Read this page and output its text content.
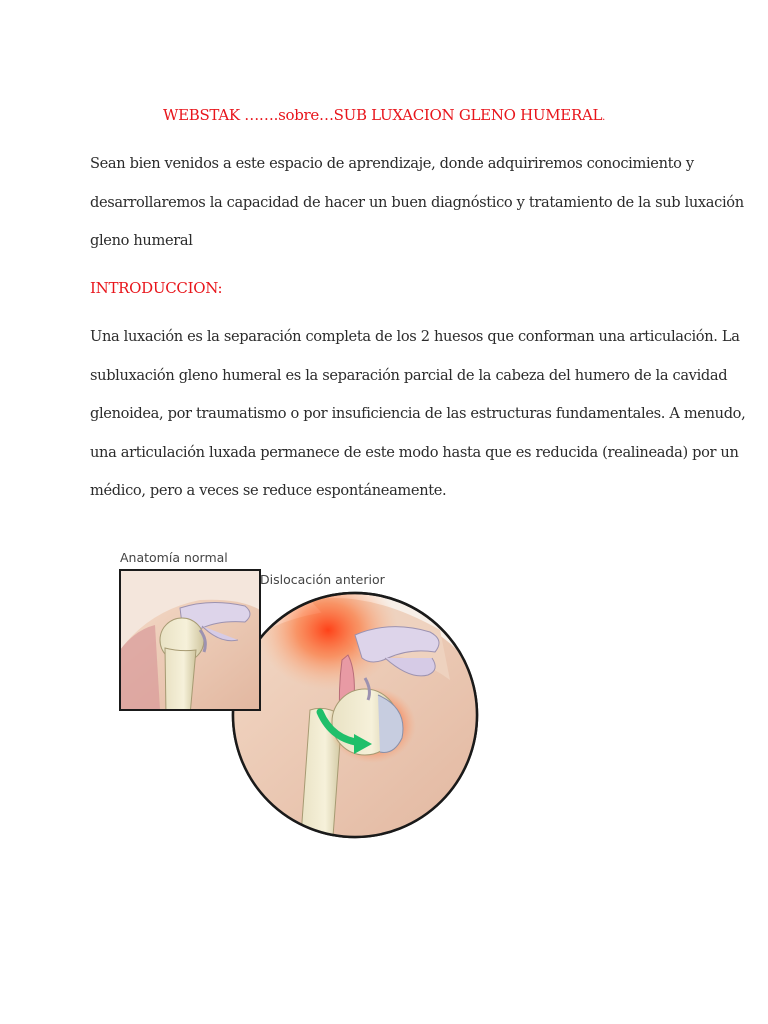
WEBSTAK …….sobre…SUB LUXACION GLENO HUMERAL.
Sean bien venidos a este espacio de aprendizaje, donde adquiriremos conocimiento y
desarrollaremos la capacidad de hacer un buen diagnóstico y tratamiento de la sub luxación
gleno humeral
INTRODUCCION:
Una luxación es la separación completa de los 2 huesos que conforman una articulación. La
subluxación gleno humeral es la separación parcial de la cabeza del humero de la cavidad
glenoidea, por traumatismo o por insuficiencia de las estructuras fundamentales. A menudo,
una articulación luxada permanece de este modo hasta que es reducida (realineada) por un
médico, pero a veces se reduce espontáneamente.
Anatomía normal
Dislocación anterior
